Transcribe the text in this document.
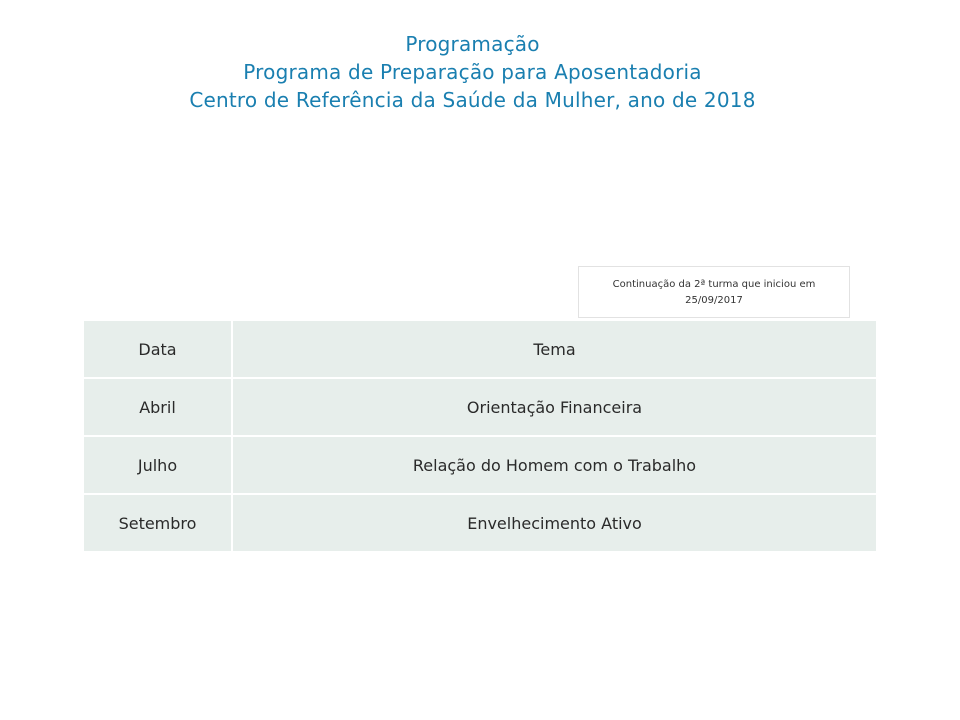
Programação
Programa de Preparação para Aposentadoria
Centro de Referência da Saúde da Mulher, ano de 2018
Continuação da 2ª turma que iniciou em
25/09/2017
Data	Tema
Abril	Orientação Financeira
Julho	Relação do Homem com o Trabalho
Setembro	Envelhecimento Ativo
